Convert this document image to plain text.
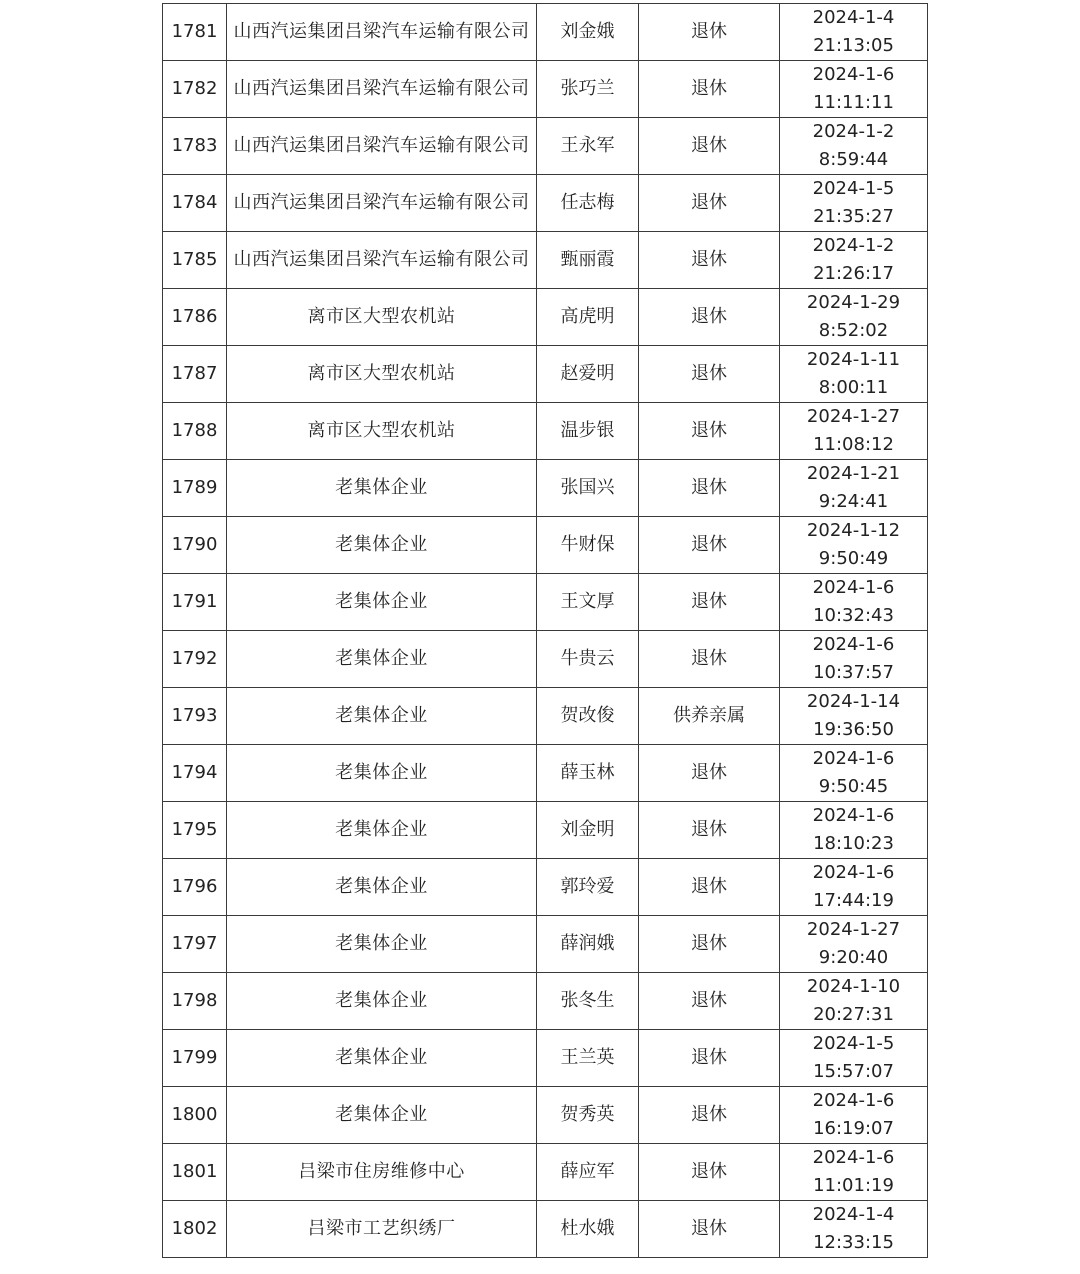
1781	山西汽运集团吕梁汽车运输有限公司	刘金娥	退休	2024-1-4
21:13:05

1782	山西汽运集团吕梁汽车运输有限公司	张巧兰	退休	2024-1-6
11:11:11

1783	山西汽运集团吕梁汽车运输有限公司	王永军	退休	2024-1-2
8:59:44

1784	山西汽运集团吕梁汽车运输有限公司	任志梅	退休	2024-1-5
21:35:27

1785	山西汽运集团吕梁汽车运输有限公司	甄丽霞	退休	2024-1-2
21:26:17

1786	离市区大型农机站	高虎明	退休	2024-1-29
8:52:02

1787	离市区大型农机站	赵爱明	退休	2024-1-11
8:00:11

1788	离市区大型农机站	温步银	退休	2024-1-27
11:08:12

1789	老集体企业	张国兴	退休	2024-1-21
9:24:41

1790	老集体企业	牛财保	退休	2024-1-12
9:50:49

1791	老集体企业	王文厚	退休	2024-1-6
10:32:43

1792	老集体企业	牛贵云	退休	2024-1-6
10:37:57

1793	老集体企业	贺改俊	供养亲属	2024-1-14
19:36:50

1794	老集体企业	薛玉林	退休	2024-1-6
9:50:45

1795	老集体企业	刘金明	退休	2024-1-6
18:10:23

1796	老集体企业	郭玲爱	退休	2024-1-6
17:44:19

1797	老集体企业	薛润娥	退休	2024-1-27
9:20:40

1798	老集体企业	张冬生	退休	2024-1-10
20:27:31

1799	老集体企业	王兰英	退休	2024-1-5
15:57:07

1800	老集体企业	贺秀英	退休	2024-1-6
16:19:07

1801	吕梁市住房维修中心	薛应军	退休	2024-1-6
11:01:19

1802	吕梁市工艺织绣厂	杜水娥	退休	2024-1-4
12:33:15
